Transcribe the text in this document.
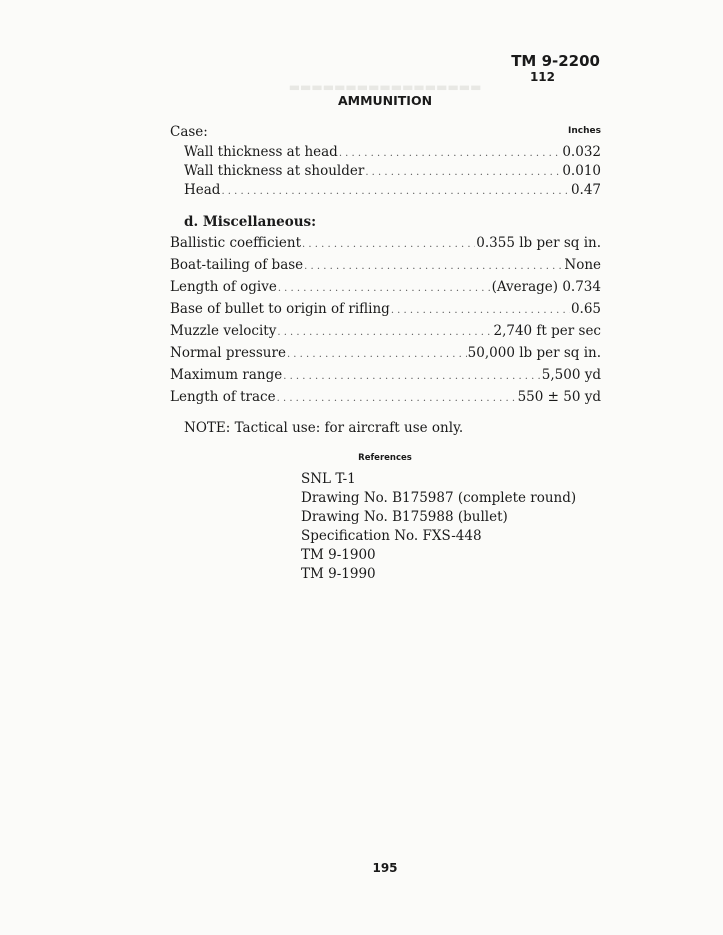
▬▬▬▬▬▬▬▬▬▬▬▬▬▬▬▬▬
TM 9-2200
112
AMMUNITION
Case:	Inches
Wall thickness at head . . .	0.032
Wall thickness at shoulder . . .	0.010
Head . . .	0.47
d. Miscellaneous:
Ballistic coefficient . . .	0.355 lb per sq in.
Boat-tailing of base . . .	None
Length of ogive . . .	(Average) 0.734
Base of bullet to origin of rifling . . .	0.65
Muzzle velocity . . .	2,740 ft per sec
Normal pressure . . .	50,000 lb per sq in.
Maximum range . . .	5,500 yd
Length of trace . . .	550 ± 50 yd
NOTE: Tactical use: for aircraft use only.
References
SNL T-1
Drawing No. B175987 (complete round)
Drawing No. B175988 (bullet)
Specification No. FXS-448
TM 9-1900
TM 9-1990
195
